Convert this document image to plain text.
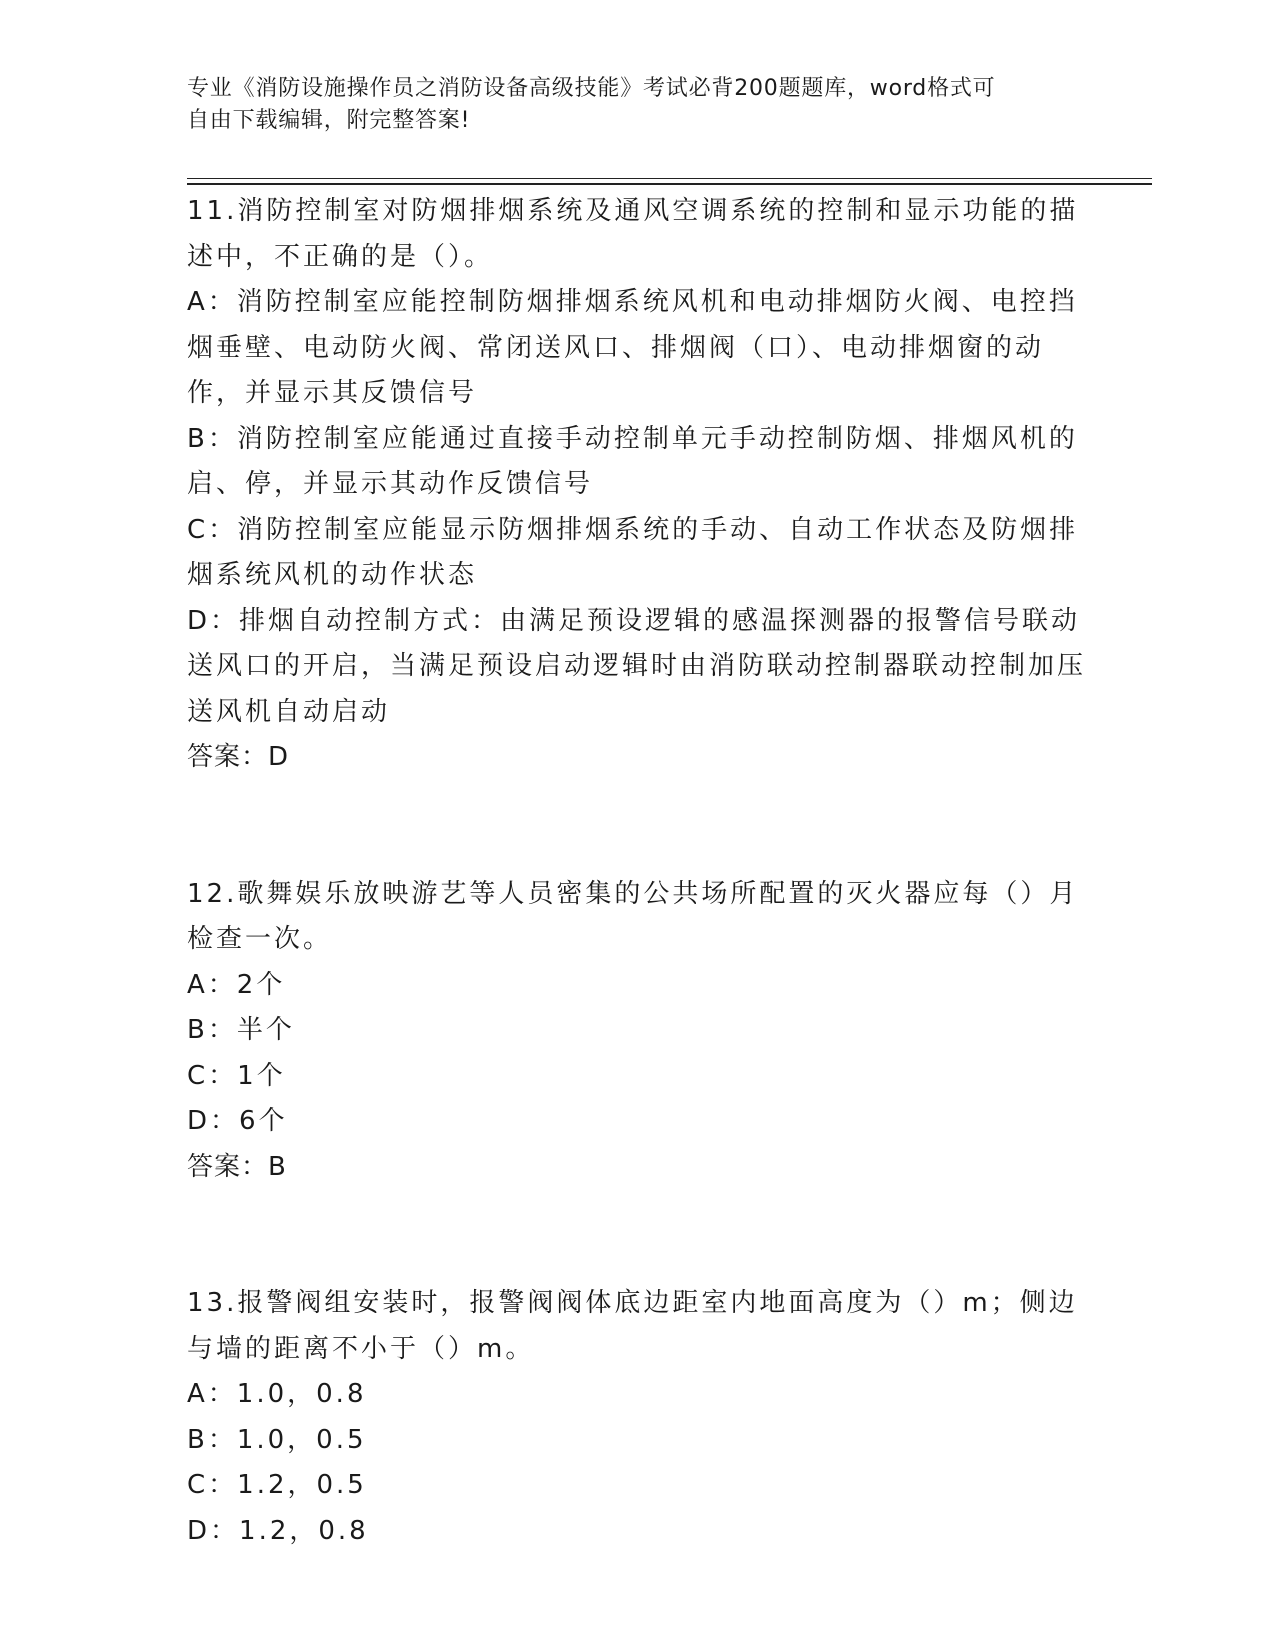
专业《消防设施操作员之消防设备高级技能》考试必背200题题库，word格式可
自由下载编辑，附完整答案!
11.消防控制室对防烟排烟系统及通风空调系统的控制和显示功能的描述中，不正确的是（）。
A：消防控制室应能控制防烟排烟系统风机和电动排烟防火阀、电控挡烟垂壁、电动防火阀、常闭送风口、排烟阀（口）、电动排烟窗的动作，并显示其反馈信号
B：消防控制室应能通过直接手动控制单元手动控制防烟、排烟风机的启、停，并显示其动作反馈信号
C：消防控制室应能显示防烟排烟系统的手动、自动工作状态及防烟排烟系统风机的动作状态
D：排烟自动控制方式：由满足预设逻辑的感温探测器的报警信号联动送风口的开启，当满足预设启动逻辑时由消防联动控制器联动控制加压送风机自动启动
答案：D
12.歌舞娱乐放映游艺等人员密集的公共场所配置的灭火器应每（）月检查一次。
A：2个
B：半个
C：1个
D：6个
答案：B
13.报警阀组安装时，报警阀阀体底边距室内地面高度为（）m；侧边与墙的距离不小于（）m。
A：1.0，0.8
B：1.0，0.5
C：1.2，0.5
D：1.2，0.8
